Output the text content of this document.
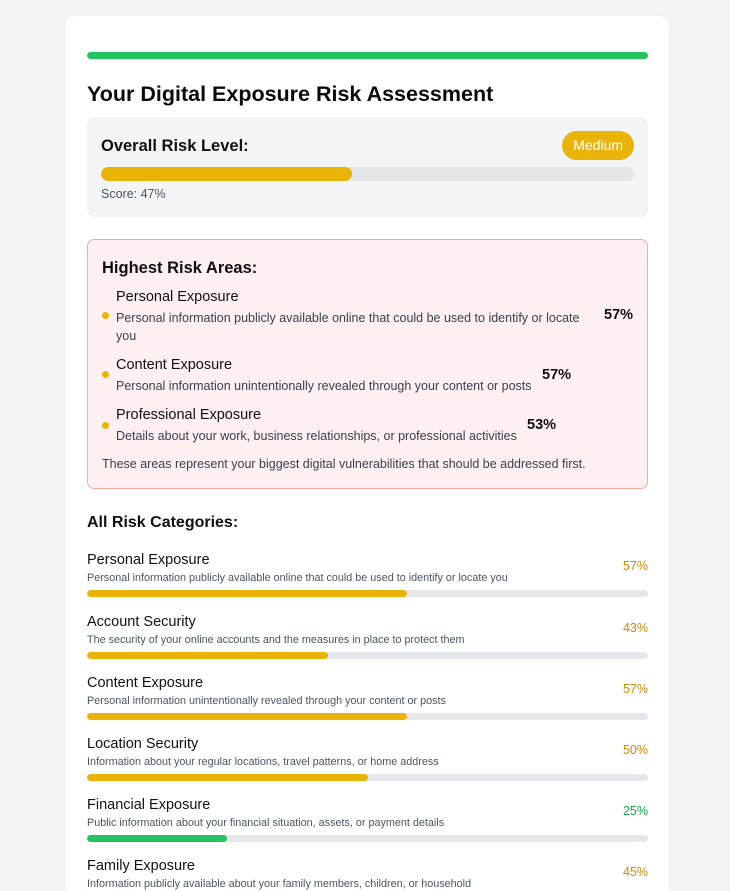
Your Digital Exposure Risk Assessment
Overall Risk Level:	Medium
Score: 47%
Highest Risk Areas:
Personal Exposure
Personal information publicly available online that could be used to identify or locate you
57%
Content Exposure
Personal information unintentionally revealed through your content or posts
57%
Professional Exposure
Details about your work, business relationships, or professional activities
53%

These areas represent your biggest digital vulnerabilities that should be addressed first.

All Risk Categories:
Personal Exposure
Personal information publicly available online that could be used to identify or locate you
57%
Account Security
The security of your online accounts and the measures in place to protect them
43%
Content Exposure
Personal information unintentionally revealed through your content or posts
57%
Location Security
Information about your regular locations, travel patterns, or home address
50%
Financial Exposure
Public information about your financial situation, assets, or payment details
25%
Family Exposure
Information publicly available about your family members, children, or household
45%
